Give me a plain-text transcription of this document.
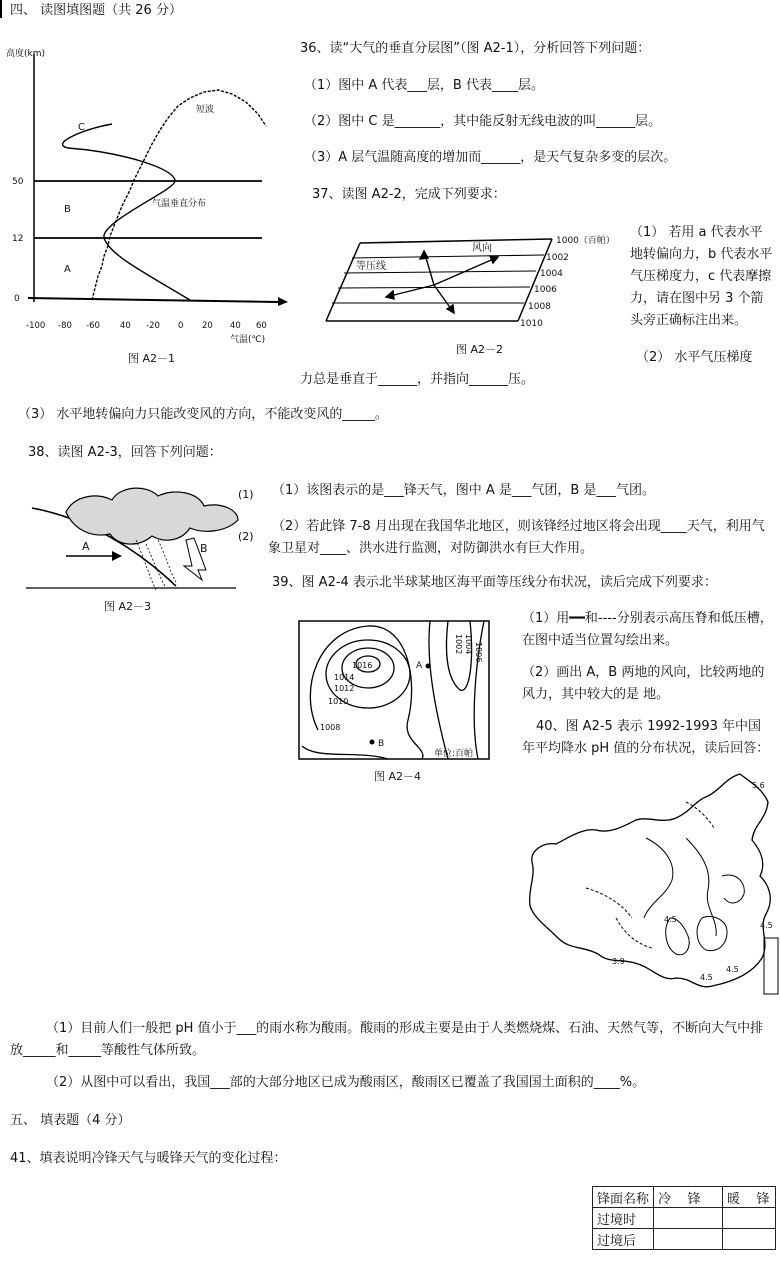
四、 读图填图题（共 26 分）
高度(km)
0
12
50
C
B
A
短波
气温垂直分布
-100 -80 -60 40 -20 0 20 40 60
气温(℃)
图 A2－1
36、读“大气的垂直分层图”（图 A2-1），分析回答下列问题：
（1）图中 A 代表___层，B 代表____层。
（2）图中 C 是_______，其中能反射无线电波的叫______层。
（3）A 层气温随高度的增加而______，是天气复杂多变的层次。
37、读图 A2-2，完成下列要求：
等压线
风向
1000（百帕）
1002
1004
1006
1008
1010
图 A2－2
（1） 若用 a 代表水平地转偏向力，b 代表水平气压梯度力，c 代表摩擦力，请在图中另 3 个箭头旁正确标注出来。
（2） 水平气压梯度
力总是垂直于______，并指向______压。
（3） 水平地转偏向力只能改变风的方向，不能改变风的_____。
38、读图 A2-3，回答下列问题：
A	B
(1)
(2)
图 A2－3
（1）该图表示的是___锋天气，图中 A 是___气团，B 是___气团。
（2）若此锋 7-8 月出现在我国华北地区，则该锋经过地区将会出现____天气，利用气象卫星对____、洪水进行监测，对防御洪水有巨大作用。
39、图 A2-4 表示北半球某地区海平面等压线分布状况，读后完成下列要求：
1016
1014
1012
1010
1008
1002 1004 1006
A
B
单位:百帕
图 A2－4
（1）用━━和----分别表示高压脊和低压槽，在图中适当位置勾绘出来。
（2）画出 A，B 两地的风向，比较两地的风力，其中较大的是 地。
40、图 A2-5 表示 1992-1993 年中国年平均降水 pH 值的分布状况，读后回答：
5.6
4.5
4.5
3.9
4.5
4.5
（1）目前人们一般把 pH 值小于___的雨水称为酸雨。酸雨的形成主要是由于人类燃烧煤、石油、天然气等，不断向大气中排放_____和_____等酸性气体所致。
（2）从图中可以看出，我国___部的大部分地区已成为酸雨区，酸雨区已覆盖了我国国土面积的____%。
五、 填表题（4 分）
41、填表说明冷锋天气与暖锋天气的变化过程：
锋面名称	冷    锋	暖    锋
过境时		
过境后		
